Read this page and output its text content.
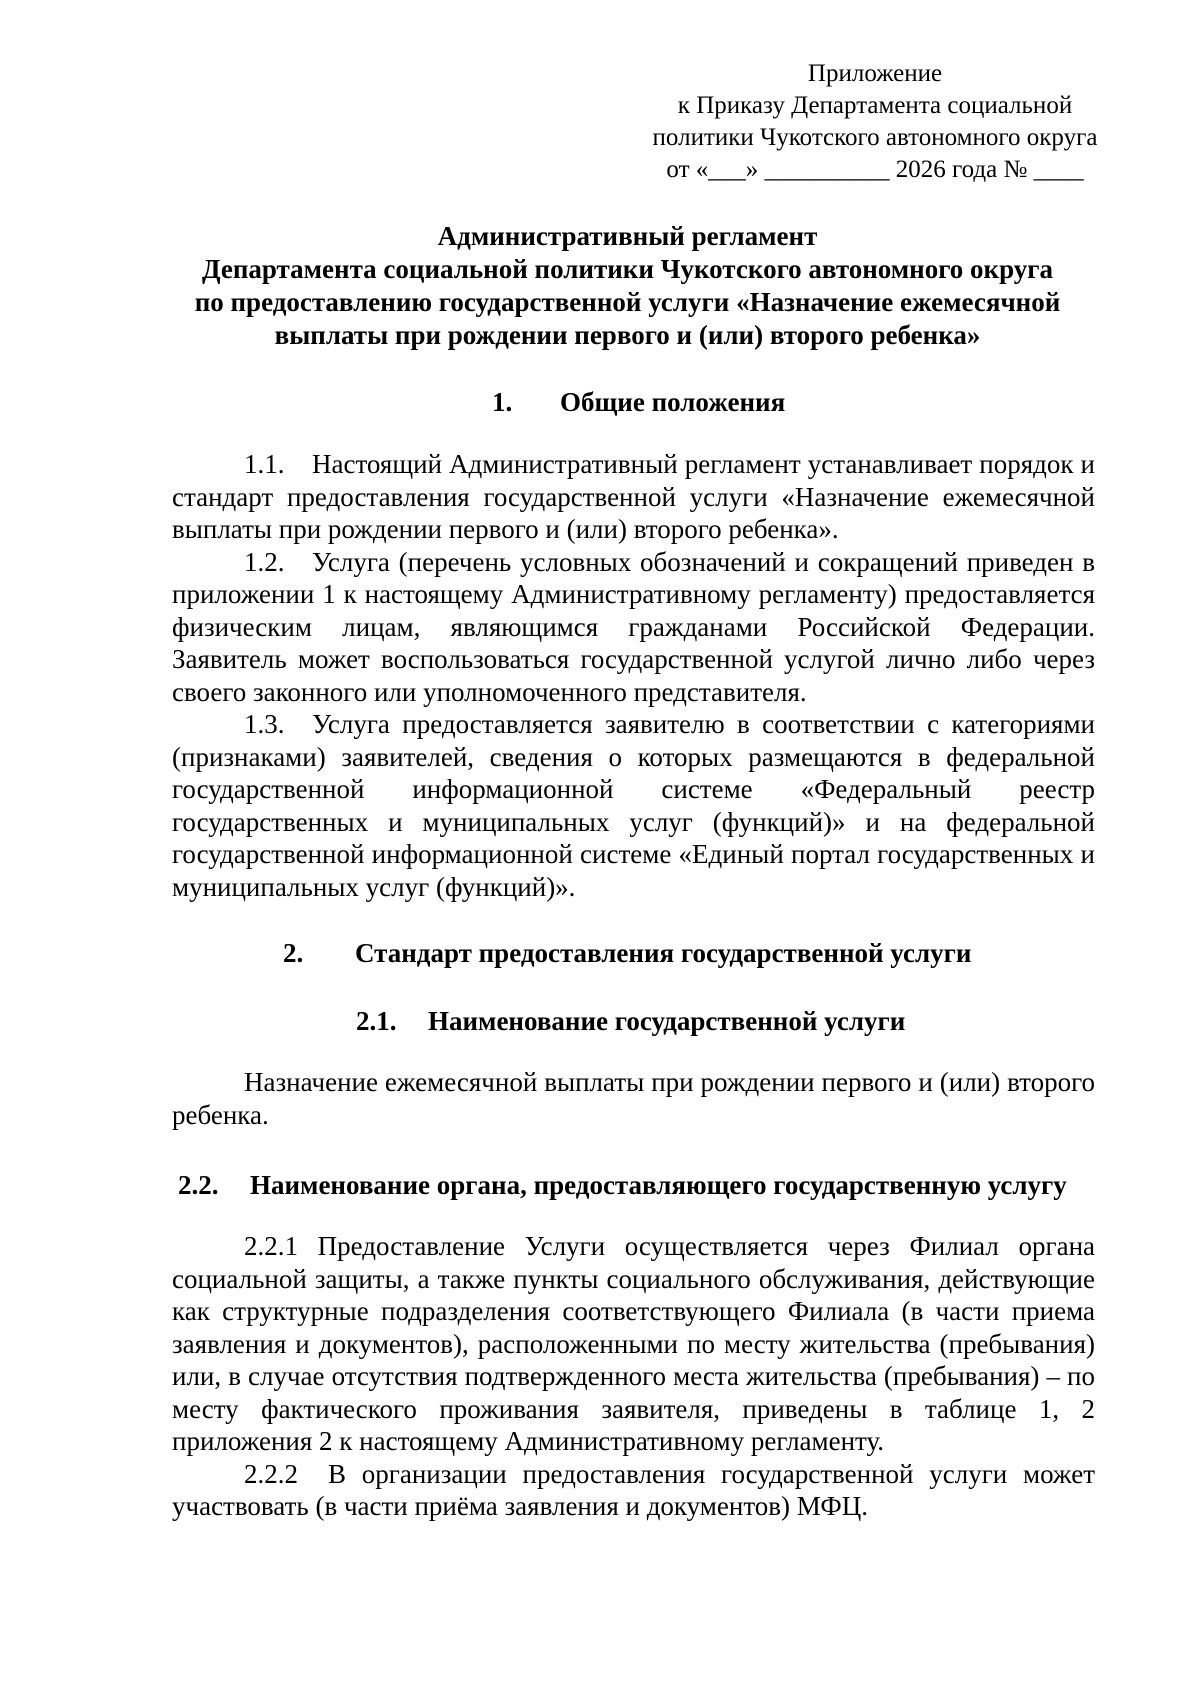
Приложение
к Приказу Департамента социальной
политики Чукотского автономного округа
от «___» __________ 2026 года № ____
Административный регламент
Департамента социальной политики Чукотского автономного округа
по предоставлению государственной услуги «Назначение ежемесячной
выплаты при рождении первого и (или) второго ребенка»
1. Общие положения
1.1. Настоящий Административный регламент устанавливает порядок и стандарт предоставления государственной услуги «Назначение ежемесячной выплаты при рождении первого и (или) второго ребенка».
1.2. Услуга (перечень условных обозначений и сокращений приведен в приложении 1 к настоящему Административному регламенту) предоставляется физическим лицам, являющимся гражданами Российской Федерации. Заявитель может воспользоваться государственной услугой лично либо через своего законного или уполномоченного представителя.
1.3. Услуга предоставляется заявителю в соответствии с категориями (признаками) заявителей, сведения о которых размещаются в федеральной государственной информационной системе «Федеральный реестр государственных и муниципальных услуг (функций)» и на федеральной государственной информационной системе «Единый портал государственных и муниципальных услуг (функций)».
2. Стандарт предоставления государственной услуги
2.1. Наименование государственной услуги
Назначение ежемесячной выплаты при рождении первого и (или) второго ребенка.
2.2. Наименование органа, предоставляющего государственную услугу
2.2.1 Предоставление Услуги осуществляется через Филиал органа социальной защиты, а также пункты социального обслуживания, действующие как структурные подразделения соответствующего Филиала (в части приема заявления и документов), расположенными по месту жительства (пребывания) или, в случае отсутствия подтвержденного места жительства (пребывания) – по месту фактического проживания заявителя, приведены в таблице 1, 2 приложения 2 к настоящему Административному регламенту.
2.2.2 В организации предоставления государственной услуги может участвовать (в части приёма заявления и документов) МФЦ.
